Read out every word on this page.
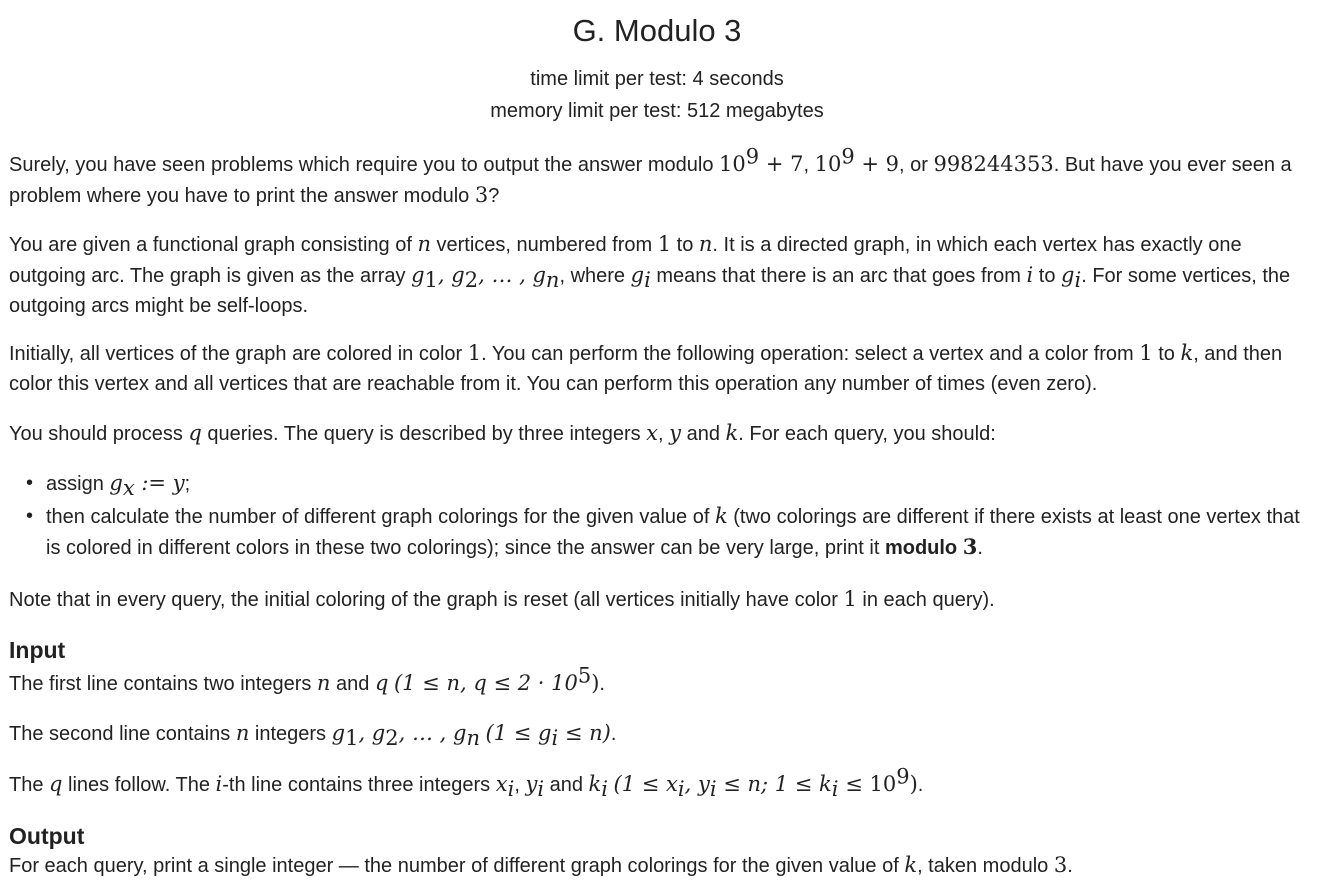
G. Modulo 3
time limit per test: 4 seconds
memory limit per test: 512 megabytes

Surely, you have seen problems which require you to output the answer modulo $10^9 + 7$, $10^9 + 9$, or 998244353. But have you ever seen a problem where you have to print the answer modulo 3?

You are given a functional graph consisting of n vertices, numbered from 1 to n. It is a directed graph, in which each vertex has exactly one outgoing arc. The graph is given as the array $g_1$, $g_2$, … , $g_n$, where $g_i$ means that there is an arc that goes from i to $g_i$. For some vertices, the outgoing arcs might be self-loops.

Initially, all vertices of the graph are colored in color 1. You can perform the following operation: select a vertex and a color from 1 to k, and then color this vertex and all vertices that are reachable from it. You can perform this operation any number of times (even zero).

You should process q queries. The query is described by three integers x, y and k. For each query, you should:

• assign $g_x$ := y;
• then calculate the number of different graph colorings for the given value of k (two colorings are different if there exists at least one vertex that is colored in different colors in these two colorings); since the answer can be very large, print it modulo 3.

Note that in every query, the initial coloring of the graph is reset (all vertices initially have color 1 in each query).

Input

The first line contains two integers n and q (1 ≤ n, $q \le 2 \cdot 10^5$).

The second line contains n integers $g_1$, $g_2$, … , $g_n$ $(1 \le g_i \le n)$.

The q lines follow. The i-th line contains three integers $x_i$, $y_i$ and $k_i$ ($1 \le x_i$, $y_i \le n$; $1 \le k_i \le 10^9$).

Output

For each query, print a single integer — the number of different graph colorings for the given value of k, taken modulo 3.
